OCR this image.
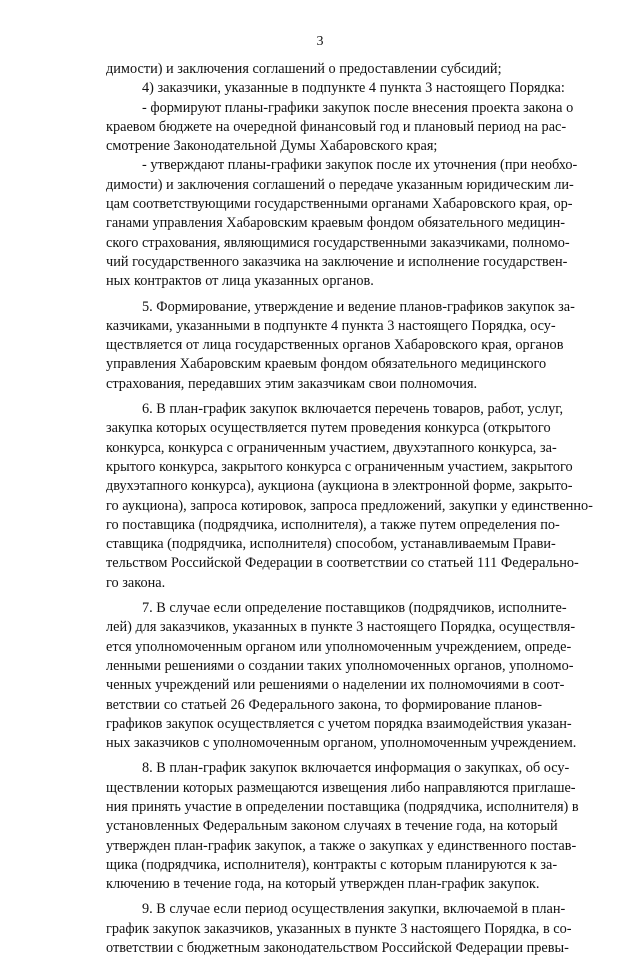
3
димости) и заключения соглашений о предоставлении субсидий;
4) заказчики, указанные в подпункте 4 пункта 3 настоящего Порядка:
- формируют планы-графики закупок после внесения проекта закона о
краевом бюджете на очередной финансовый год и плановый период на рас-
смотрение Законодательной Думы Хабаровского края;
- утверждают планы-графики закупок после их уточнения (при необхо-
димости) и заключения соглашений о передаче указанным юридическим ли-
цам соответствующими государственными органами Хабаровского края, ор-
ганами управления Хабаровским краевым фондом обязательного медицин-
ского страхования, являющимися государственными заказчиками, полномо-
чий государственного заказчика на заключение и исполнение государствен-
ных контрактов от лица указанных органов.
5. Формирование, утверждение и ведение планов-графиков закупок за-
казчиками, указанными в подпункте 4 пункта 3 настоящего Порядка, осу-
ществляется от лица государственных органов Хабаровского края, органов
управления Хабаровским краевым фондом обязательного медицинского
страхования, передавших этим заказчикам свои полномочия.
6. В план-график закупок включается перечень товаров, работ, услуг,
закупка которых осуществляется путем проведения конкурса (открытого
конкурса, конкурса с ограниченным участием, двухэтапного конкурса, за-
крытого конкурса, закрытого конкурса с ограниченным участием, закрытого
двухэтапного конкурса), аукциона (аукциона в электронной форме, закрыто-
го аукциона), запроса котировок, запроса предложений, закупки у единственно-
го поставщика (подрядчика, исполнителя), а также путем определения по-
ставщика (подрядчика, исполнителя) способом, устанавливаемым Прави-
тельством Российской Федерации в соответствии со статьей 111 Федерально-
го закона.
7. В случае если определение поставщиков (подрядчиков, исполните-
лей) для заказчиков, указанных в пункте 3 настоящего Порядка, осуществля-
ется уполномоченным органом или уполномоченным учреждением, опреде-
ленными решениями о создании таких уполномоченных органов, уполномо-
ченных учреждений или решениями о наделении их полномочиями в соот-
ветствии со статьей 26 Федерального закона, то формирование планов-
графиков закупок осуществляется с учетом порядка взаимодействия указан-
ных заказчиков с уполномоченным органом, уполномоченным учреждением.
8. В план-график закупок включается информация о закупках, об осу-
ществлении которых размещаются извещения либо направляются приглаше-
ния принять участие в определении поставщика (подрядчика, исполнителя) в
установленных Федеральным законом случаях в течение года, на который
утвержден план-график закупок, а также о закупках у единственного постав-
щика (подрядчика, исполнителя), контракты с которым планируются к за-
ключению в течение года, на который утвержден план-график закупок.
9. В случае если период осуществления закупки, включаемой в план-
график закупок заказчиков, указанных в пункте 3 настоящего Порядка, в со-
ответствии с бюджетным законодательством Российской Федерации превы-
